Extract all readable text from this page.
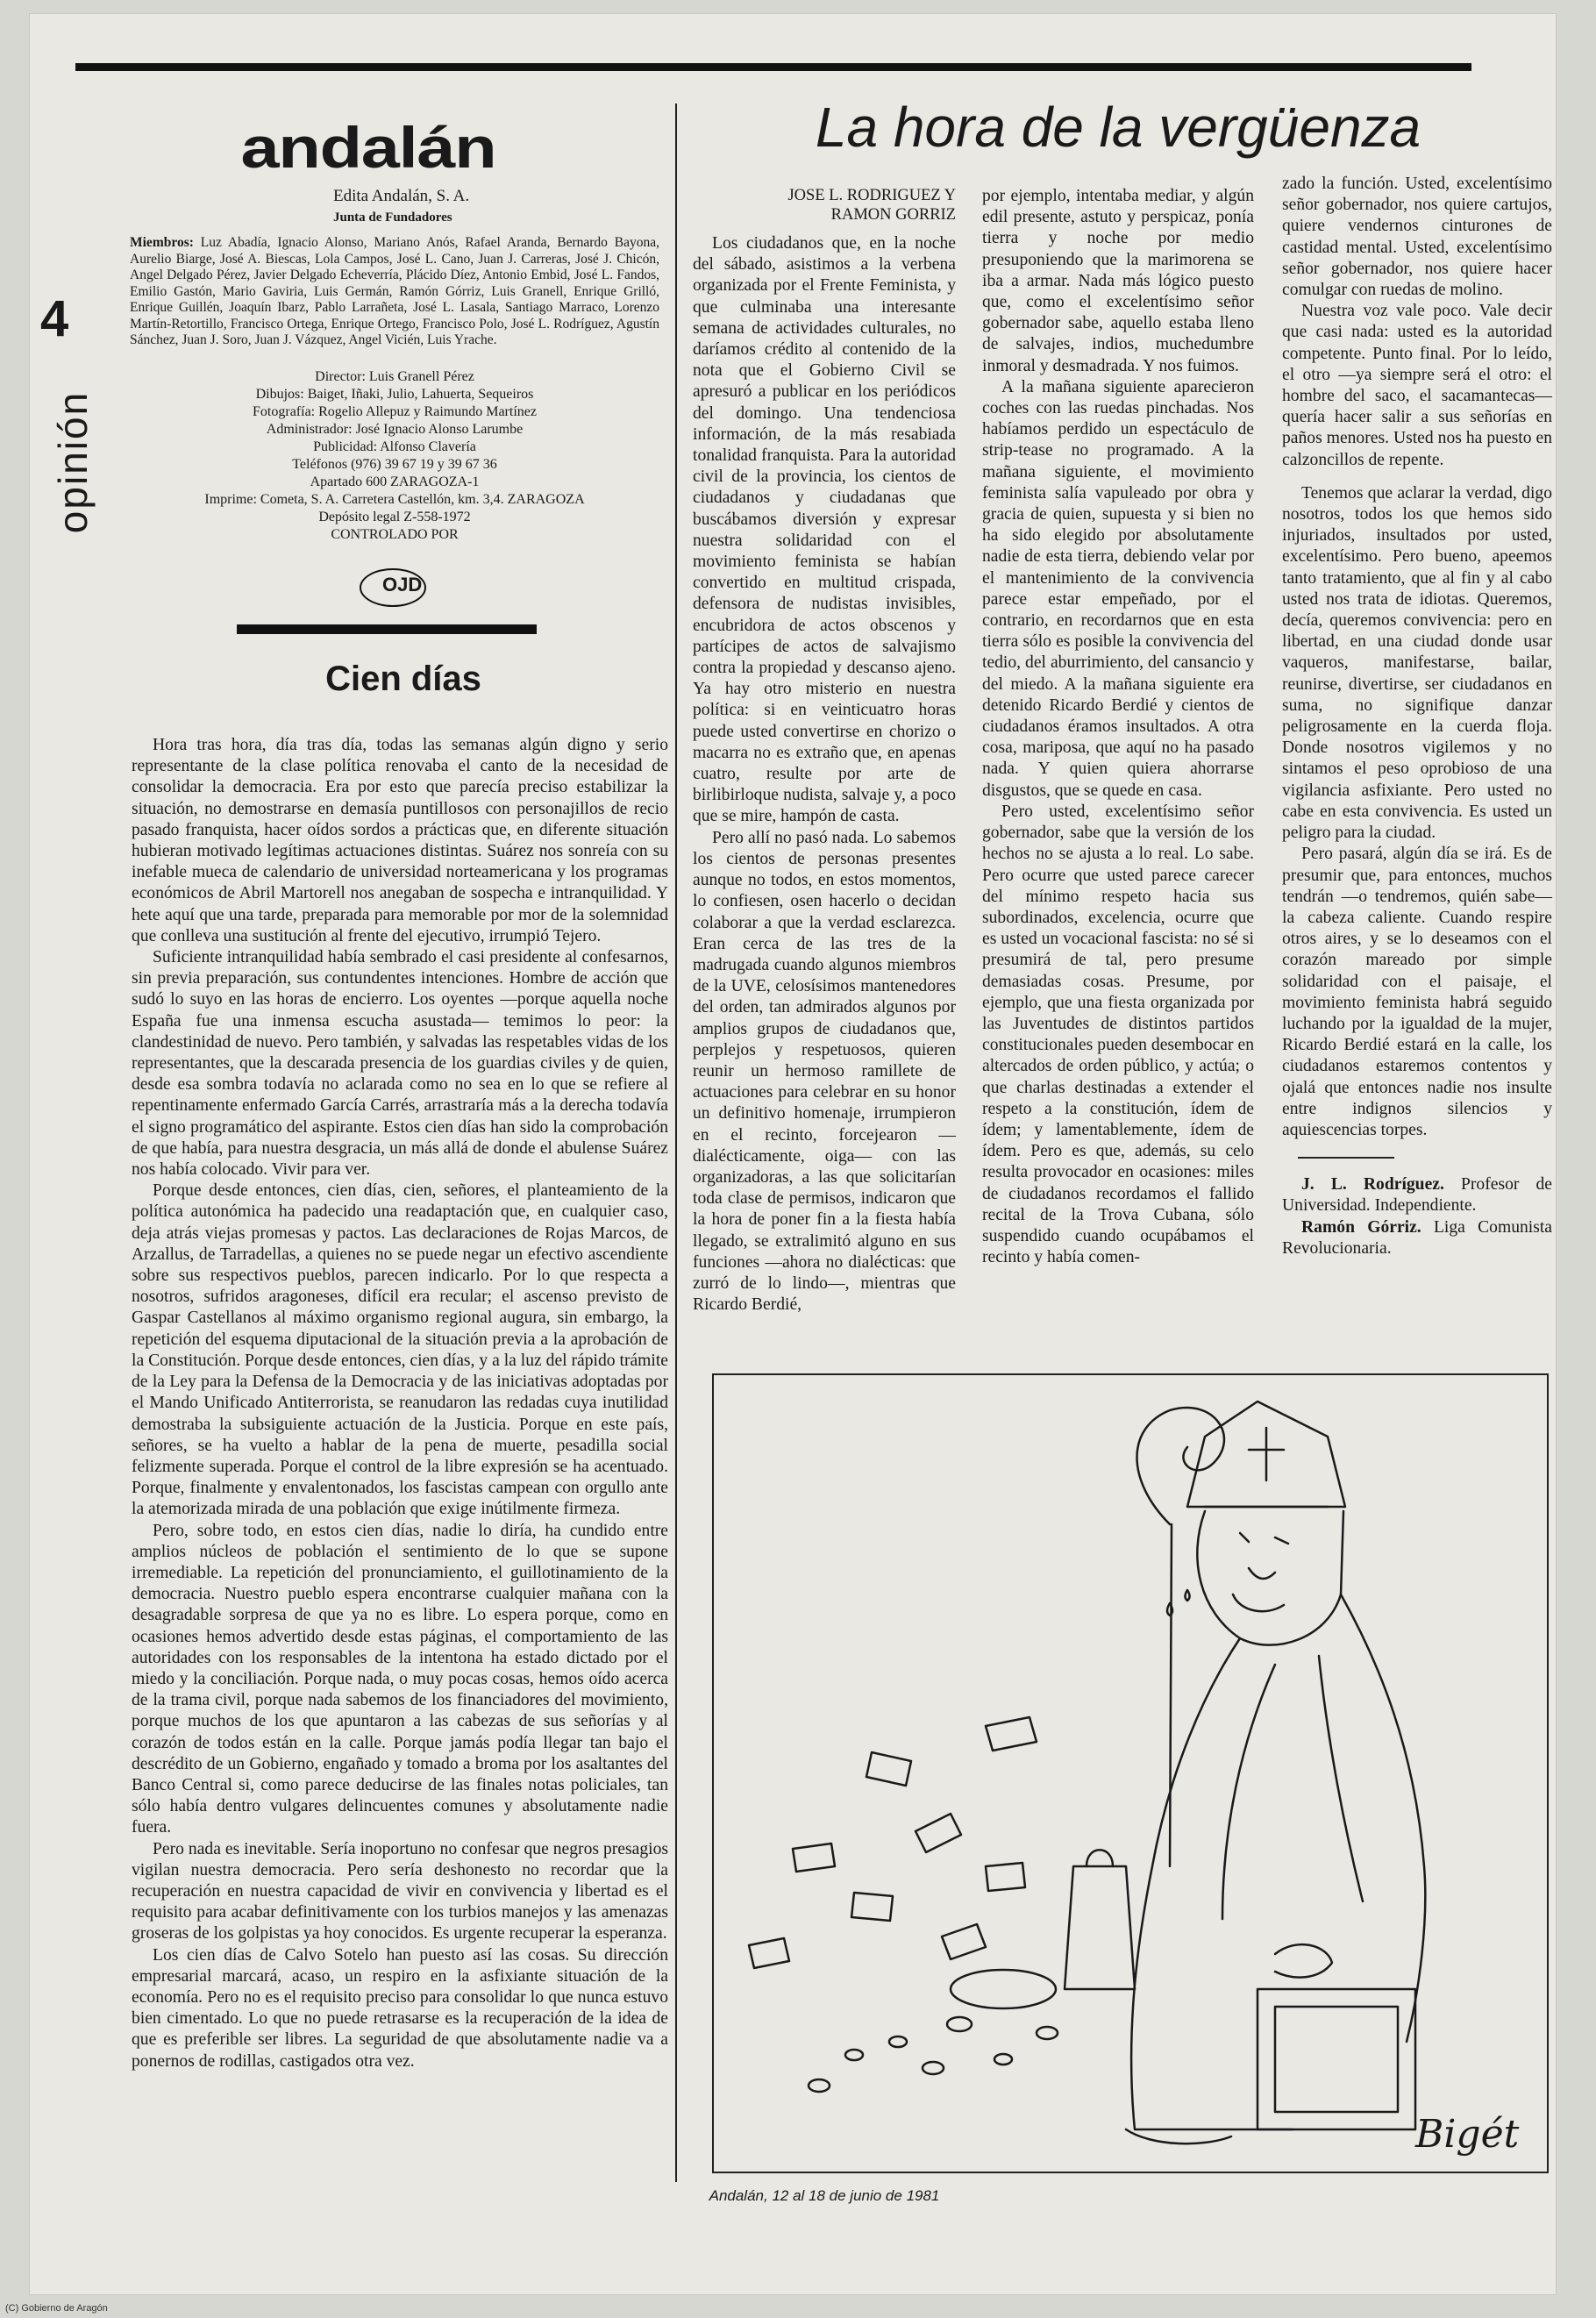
4
opinión
andalán
Edita Andalán, S. A.
Junta de Fundadores
Miembros: Luz Abadía, Ignacio Alonso, Mariano Anós, Rafael Aranda, Bernardo Bayona, Aurelio Biarge, José A. Biescas, Lola Campos, José L. Cano, Juan J. Carreras, José J. Chicón, Angel Delgado Pérez, Javier Delgado Echeverría, Plácido Díez, Antonio Embid, José L. Fandos, Emilio Gastón, Mario Gaviria, Luis Germán, Ramón Górriz, Luis Granell, Enrique Grilló, Enrique Guillén, Joaquín Ibarz, Pablo Larrañeta, José L. Lasala, Santiago Marraco, Lorenzo Martín-Retortillo, Francisco Ortega, Enrique Ortego, Francisco Polo, José L. Rodríguez, Agustín Sánchez, Juan J. Soro, Juan J. Vázquez, Angel Vicién, Luis Yrache.
Director: Luis Granell Pérez
Dibujos: Baiget, Iñaki, Julio, Lahuerta, Sequeiros
Fotografía: Rogelio Allepuz y Raimundo Martínez
Administrador: José Ignacio Alonso Larumbe
Publicidad: Alfonso Clavería
Teléfonos (976) 39 67 19 y 39 67 36
Apartado 600 ZARAGOZA-1
Imprime: Cometa, S. A. Carretera Castellón, km. 3,4. ZARAGOZA
Depósito legal Z-558-1972
CONTROLADO POR
OJD
Cien días

Hora tras hora, día tras día, todas las semanas algún digno y serio representante de la clase política renovaba el canto de la necesidad de consolidar la democracia. Era por esto que parecía preciso estabilizar la situación, no demostrarse en demasía puntillosos con personajillos de recio pasado franquista, hacer oídos sordos a prácticas que, en diferente situación hubieran motivado legítimas actuaciones distintas. Suárez nos sonreía con su inefable mueca de calendario de universidad norteamericana y los programas económicos de Abril Martorell nos anegaban de sospecha e intranquilidad. Y hete aquí que una tarde, preparada para memorable por mor de la solemnidad que conlleva una sustitución al frente del ejecutivo, irrumpió Tejero.

Suficiente intranquilidad había sembrado el casi presidente al confesarnos, sin previa preparación, sus contundentes intenciones. Hombre de acción que sudó lo suyo en las horas de encierro. Los oyentes —porque aquella noche España fue una inmensa escucha asustada— temimos lo peor: la clandestinidad de nuevo. Pero también, y salvadas las respetables vidas de los representantes, que la descarada presencia de los guardias civiles y de quien, desde esa sombra todavía no aclarada como no sea en lo que se refiere al repentinamente enfermado García Carrés, arrastraría más a la derecha todavía el signo programático del aspirante. Estos cien días han sido la comprobación de que había, para nuestra desgracia, un más allá de donde el abulense Suárez nos había colocado. Vivir para ver.

Porque desde entonces, cien días, cien, señores, el planteamiento de la política autonómica ha padecido una readaptación que, en cualquier caso, deja atrás viejas promesas y pactos. Las declaraciones de Rojas Marcos, de Arzallus, de Tarradellas, a quienes no se puede negar un efectivo ascendiente sobre sus respectivos pueblos, parecen indicarlo. Por lo que respecta a nosotros, sufridos aragoneses, difícil era recular; el ascenso previsto de Gaspar Castellanos al máximo organismo regional augura, sin embargo, la repetición del esquema diputacional de la situación previa a la aprobación de la Constitución. Porque desde entonces, cien días, y a la luz del rápido trámite de la Ley para la Defensa de la Democracia y de las iniciativas adoptadas por el Mando Unificado Antiterrorista, se reanudaron las redadas cuya inutilidad demostraba la subsiguiente actuación de la Justicia. Porque en este país, señores, se ha vuelto a hablar de la pena de muerte, pesadilla social felizmente superada. Porque el control de la libre expresión se ha acentuado. Porque, finalmente y envalentonados, los fascistas campean con orgullo ante la atemorizada mirada de una población que exige inútilmente firmeza.

Pero, sobre todo, en estos cien días, nadie lo diría, ha cundido entre amplios núcleos de población el sentimiento de lo que se supone irremediable. La repetición del pronunciamiento, el guillotinamiento de la democracia. Nuestro pueblo espera encontrarse cualquier mañana con la desagradable sorpresa de que ya no es libre. Lo espera porque, como en ocasiones hemos advertido desde estas páginas, el comportamiento de las autoridades con los responsables de la intentona ha estado dictado por el miedo y la conciliación. Porque nada, o muy pocas cosas, hemos oído acerca de la trama civil, porque nada sabemos de los financiadores del movimiento, porque muchos de los que apuntaron a las cabezas de sus señorías y al corazón de todos están en la calle. Porque jamás podía llegar tan bajo el descrédito de un Gobierno, engañado y tomado a broma por los asaltantes del Banco Central si, como parece deducirse de las finales notas policiales, tan sólo había dentro vulgares delincuentes comunes y absolutamente nadie fuera.

Pero nada es inevitable. Sería inoportuno no confesar que negros presagios vigilan nuestra democracia. Pero sería deshonesto no recordar que la recuperación en nuestra capacidad de vivir en convivencia y libertad es el requisito para acabar definitivamente con los turbios manejos y las amenazas groseras de los golpistas ya hoy conocidos. Es urgente recuperar la esperanza.

Los cien días de Calvo Sotelo han puesto así las cosas. Su dirección empresarial marcará, acaso, un respiro en la asfixiante situación de la economía. Pero no es el requisito preciso para consolidar lo que nunca estuvo bien cimentado. Lo que no puede retrasarse es la recuperación de la idea de que es preferible ser libres. La seguridad de que absolutamente nadie va a ponernos de rodillas, castigados otra vez.

La hora de la vergüenza
JOSE L. RODRIGUEZ Y
RAMON GORRIZ

Los ciudadanos que, en la noche del sábado, asistimos a la verbena organizada por el Frente Feminista, y que culminaba una interesante semana de actividades culturales, no daríamos crédito al contenido de la nota que el Gobierno Civil se apresuró a publicar en los periódicos del domingo. Una tendenciosa información, de la más resabiada tonalidad franquista. Para la autoridad civil de la provincia, los cientos de ciudadanos y ciudadanas que buscábamos diversión y expresar nuestra solidaridad con el movimiento feminista se habían convertido en multitud crispada, defensora de nudistas invisibles, encubridora de actos obscenos y partícipes de actos de salvajismo contra la propiedad y descanso ajeno. Ya hay otro misterio en nuestra política: si en veinticuatro horas puede usted convertirse en chorizo o macarra no es extraño que, en apenas cuatro, resulte por arte de birlibirloque nudista, salvaje y, a poco que se mire, hampón de casta.

Pero allí no pasó nada. Lo sabemos los cientos de personas presentes aunque no todos, en estos momentos, lo confiesen, osen hacerlo o decidan colaborar a que la verdad esclarezca. Eran cerca de las tres de la madrugada cuando algunos miembros de la UVE, celosísimos mantenedores del orden, tan admirados algunos por amplios grupos de ciudadanos que, perplejos y respetuosos, quieren reunir un hermoso ramillete de actuaciones para celebrar en su honor un definitivo homenaje, irrumpieron en el recinto, forcejearon —dialécticamente, oiga— con las organizadoras, a las que solicitarían toda clase de permisos, indicaron que la hora de poner fin a la fiesta había llegado, se extralimitó alguno en sus funciones —ahora no dialécticas: que zurró de lo lindo—, mientras que Ricardo Berdié,

por ejemplo, intentaba mediar, y algún edil presente, astuto y perspicaz, ponía tierra y noche por medio presuponiendo que la marimorena se iba a armar. Nada más lógico puesto que, como el excelentísimo señor gobernador sabe, aquello estaba lleno de salvajes, indios, muchedumbre inmoral y desmadrada. Y nos fuimos.

A la mañana siguiente aparecieron coches con las ruedas pinchadas. Nos habíamos perdido un espectáculo de strip-tease no programado. A la mañana siguiente, el movimiento feminista salía vapuleado por obra y gracia de quien, supuesta y si bien no ha sido elegido por absolutamente nadie de esta tierra, debiendo velar por el mantenimiento de la convivencia parece estar empeñado, por el contrario, en recordarnos que en esta tierra sólo es posible la convivencia del tedio, del aburrimiento, del cansancio y del miedo. A la mañana siguiente era detenido Ricardo Berdié y cientos de ciudadanos éramos insultados. A otra cosa, mariposa, que aquí no ha pasado nada. Y quien quiera ahorrarse disgustos, que se quede en casa.

Pero usted, excelentísimo señor gobernador, sabe que la versión de los hechos no se ajusta a lo real. Lo sabe. Pero ocurre que usted parece carecer del mínimo respeto hacia sus subordinados, excelencia, ocurre que es usted un vocacional fascista: no sé si presumirá de tal, pero presume demasiadas cosas. Presume, por ejemplo, que una fiesta organizada por las Juventudes de distintos partidos constitucionales pueden desembocar en altercados de orden público, y actúa; o que charlas destinadas a extender el respeto a la constitución, ídem de ídem; y lamentablemente, ídem de ídem. Pero es que, además, su celo resulta provocador en ocasiones: miles de ciudadanos recordamos el fallido recital de la Trova Cubana, sólo suspendido cuando ocupábamos el recinto y había comen-

zado la función. Usted, excelentísimo señor gobernador, nos quiere cartujos, quiere vendernos cinturones de castidad mental. Usted, excelentísimo señor gobernador, nos quiere hacer comulgar con ruedas de molino.

Nuestra voz vale poco. Vale decir que casi nada: usted es la autoridad competente. Punto final. Por lo leído, el otro —ya siempre será el otro: el hombre del saco, el sacamantecas— quería hacer salir a sus señorías en paños menores. Usted nos ha puesto en calzoncillos de repente.

Tenemos que aclarar la verdad, digo nosotros, todos los que hemos sido injuriados, insultados por usted, excelentísimo. Pero bueno, apeemos tanto tratamiento, que al fin y al cabo usted nos trata de idiotas. Queremos, decía, queremos convivencia: pero en libertad, en una ciudad donde usar vaqueros, manifestarse, bailar, reunirse, divertirse, ser ciudadanos en suma, no signifique danzar peligrosamente en la cuerda floja. Donde nosotros vigilemos y no sintamos el peso oprobioso de una vigilancia asfixiante. Pero usted no cabe en esta convivencia. Es usted un peligro para la ciudad.

Pero pasará, algún día se irá. Es de presumir que, para entonces, muchos tendrán —o tendremos, quién sabe— la cabeza caliente. Cuando respire otros aires, y se lo deseamos con el corazón mareado por simple solidaridad con el paisaje, el movimiento feminista habrá seguido luchando por la igualdad de la mujer, Ricardo Berdié estará en la calle, los ciudadanos estaremos contentos y ojalá que entonces nadie nos insulte entre indignos silencios y aquiescencias torpes.

J. L. Rodríguez. Profesor de Universidad. Independiente.

Ramón Górriz. Liga Comunista Revolucionaria.

Bigét
Andalán, 12 al 18 de junio de 1981
(C) Gobierno de Aragón
